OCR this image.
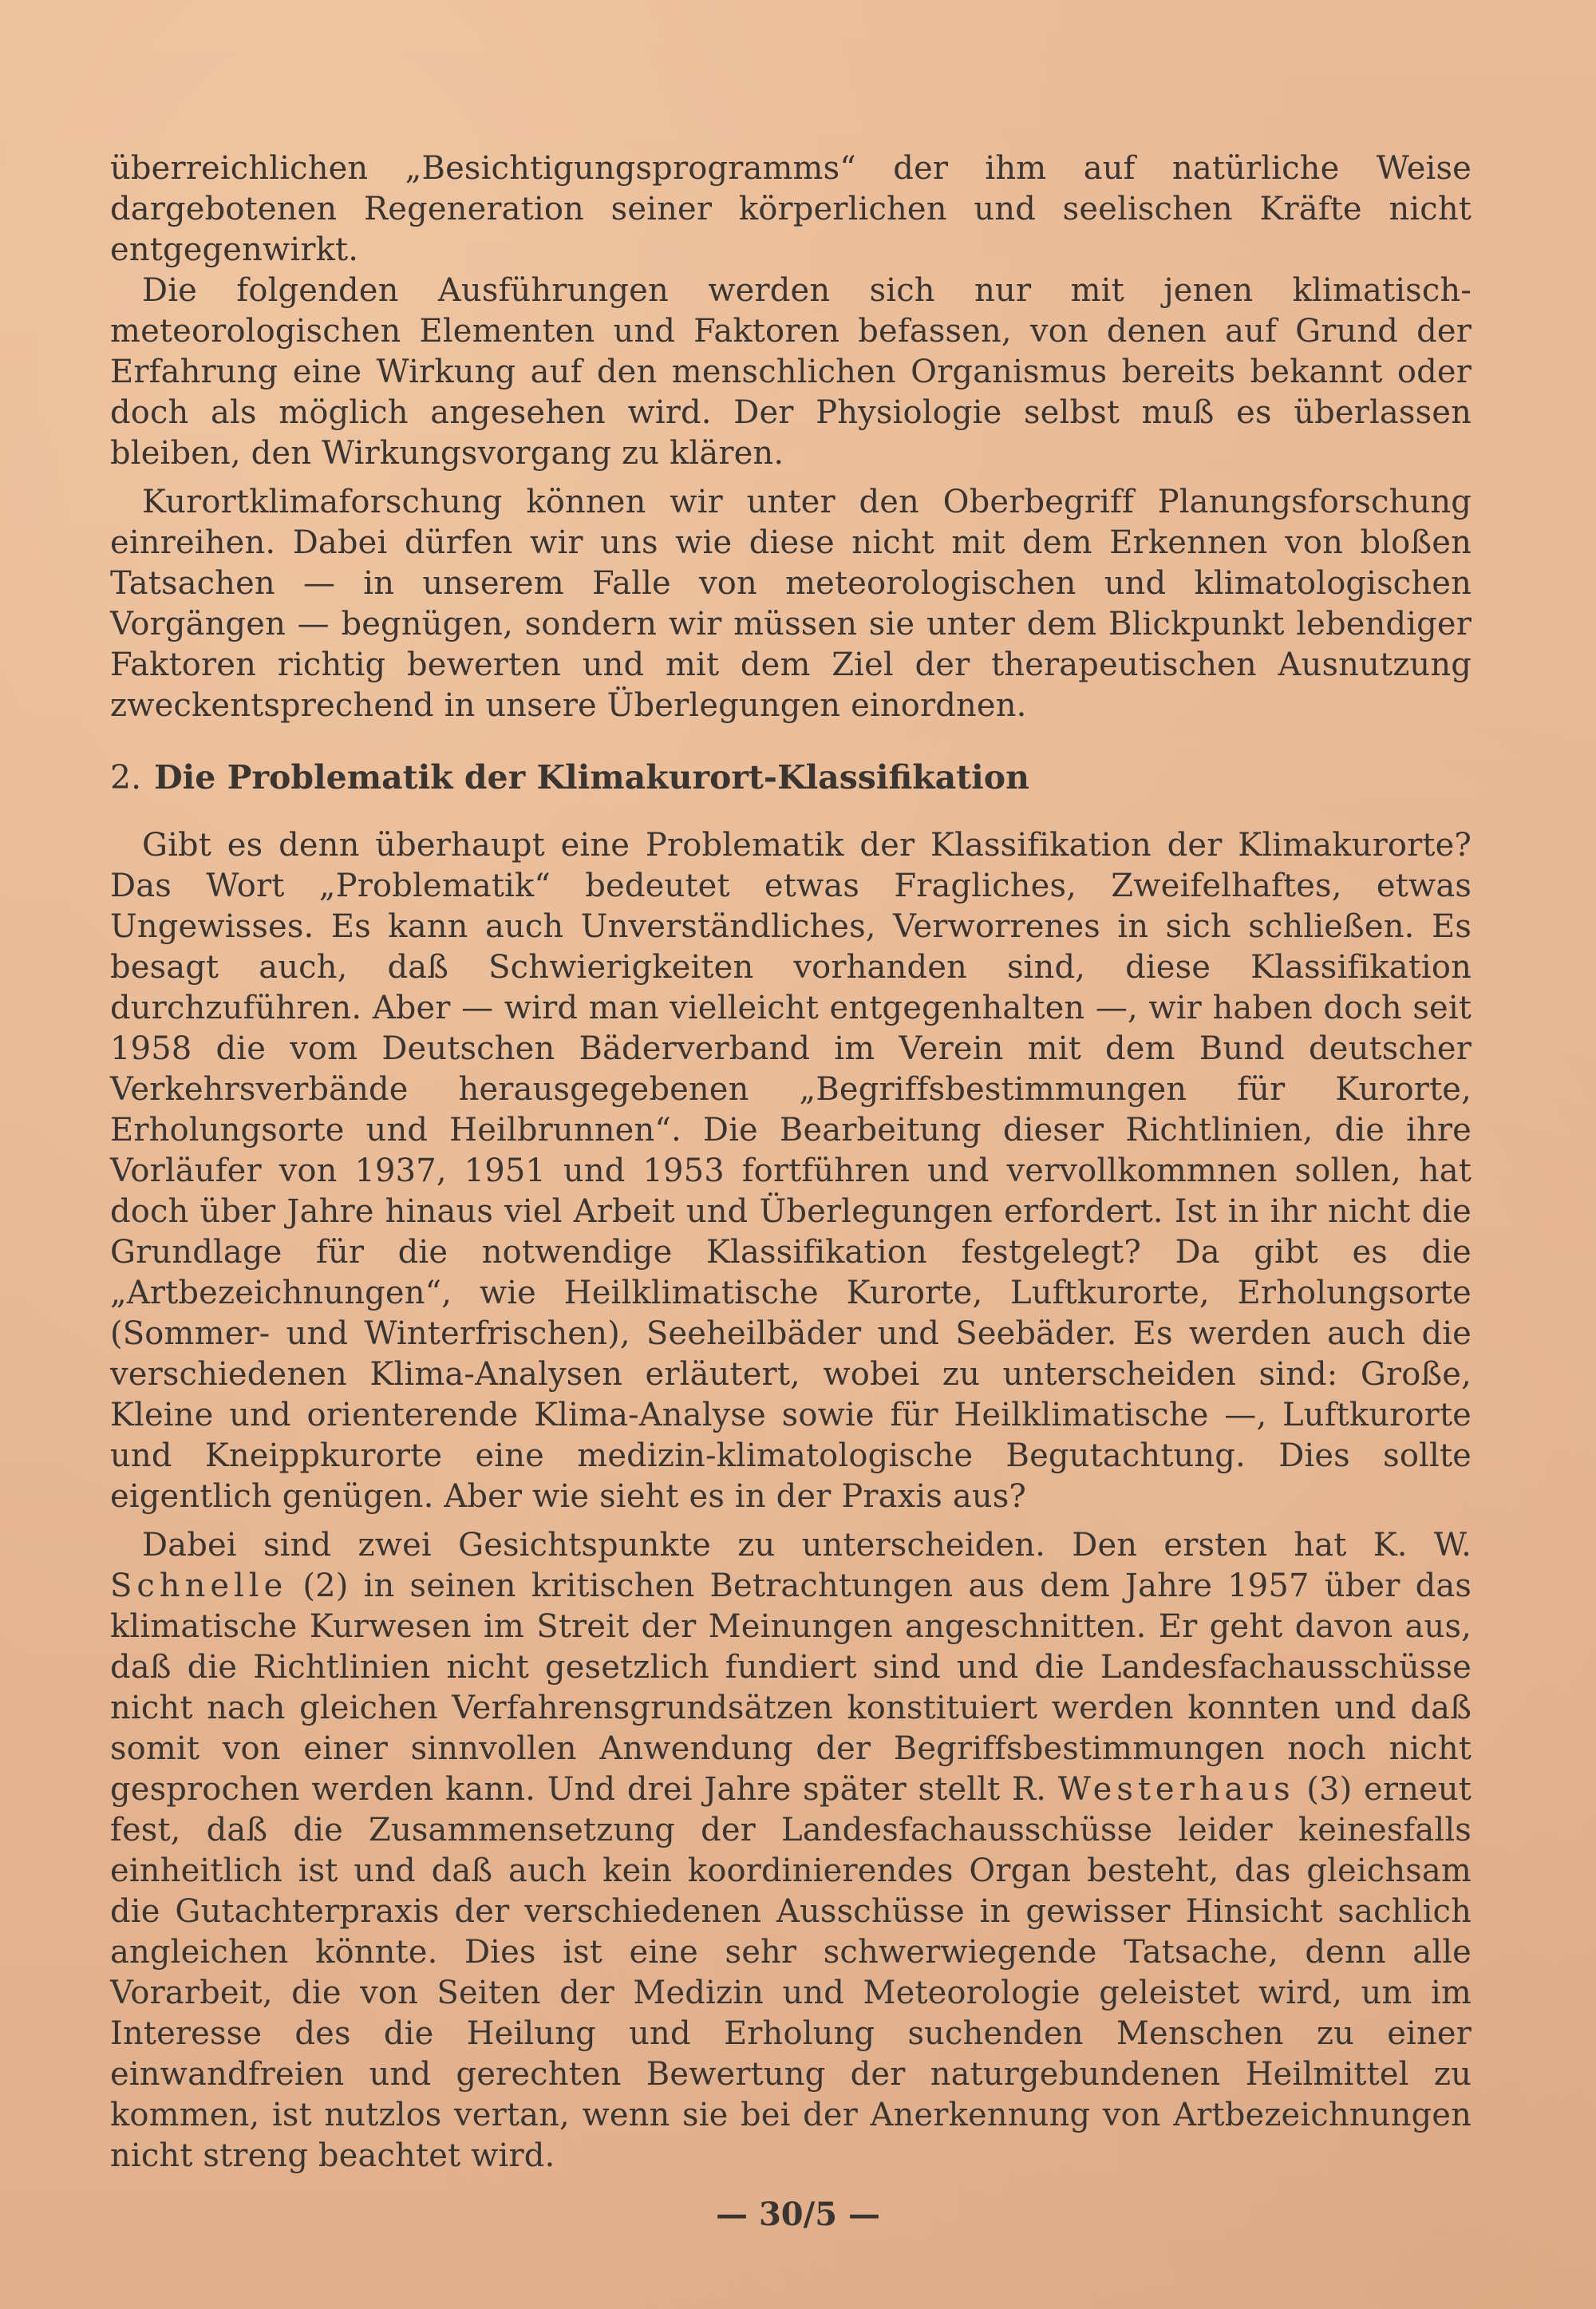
überreichlichen „Besichtigungsprogramms“ der ihm auf natürliche Weise dargebotenen Regeneration seiner körperlichen und seelischen Kräfte nicht entgegenwirkt.

Die folgenden Ausführungen werden sich nur mit jenen klimatisch-meteorologischen Elementen und Faktoren befassen, von denen auf Grund der Erfahrung eine Wirkung auf den menschlichen Organismus bereits bekannt oder doch als möglich angesehen wird. Der Physiologie selbst muß es überlassen bleiben, den Wirkungsvorgang zu klären.

Kurortklimaforschung können wir unter den Oberbegriff Planungsforschung einreihen. Dabei dürfen wir uns wie diese nicht mit dem Erkennen von bloßen Tatsachen — in unserem Falle von meteorologischen und klimatologischen Vorgängen — begnügen, sondern wir müssen sie unter dem Blickpunkt lebendiger Faktoren richtig bewerten und mit dem Ziel der therapeutischen Ausnutzung zweckentsprechend in unsere Überlegungen einordnen.

2. Die Problematik der Klimakurort-Klassifikation

Gibt es denn überhaupt eine Problematik der Klassifikation der Klimakurorte? Das Wort „Problematik“ bedeutet etwas Fragliches, Zweifelhaftes, etwas Ungewisses. Es kann auch Unverständliches, Verworrenes in sich schließen. Es besagt auch, daß Schwierigkeiten vorhanden sind, diese Klassifikation durchzuführen. Aber — wird man vielleicht entgegenhalten —, wir haben doch seit 1958 die vom Deutschen Bäderverband im Verein mit dem Bund deutscher Verkehrsverbände herausgegebenen „Begriffsbestimmungen für Kurorte, Erholungsorte und Heilbrunnen“. Die Bearbeitung dieser Richtlinien, die ihre Vorläufer von 1937, 1951 und 1953 fortführen und vervollkommnen sollen, hat doch über Jahre hinaus viel Arbeit und Überlegungen erfordert. Ist in ihr nicht die Grundlage für die notwendige Klassifikation festgelegt? Da gibt es die „Artbezeichnungen“, wie Heilklimatische Kurorte, Luftkurorte, Erholungsorte (Sommer- und Winterfrischen), Seeheilbäder und Seebäder. Es werden auch die verschiedenen Klima-Analysen erläutert, wobei zu unterscheiden sind: Große, Kleine und orienterende Klima-Analyse sowie für Heilklimatische —, Luftkurorte und Kneippkurorte eine medizin-klimatologische Begutachtung. Dies sollte eigentlich genügen. Aber wie sieht es in der Praxis aus?

Dabei sind zwei Gesichtspunkte zu unterscheiden. Den ersten hat K. W. Schnelle (2) in seinen kritischen Betrachtungen aus dem Jahre 1957 über das klimatische Kurwesen im Streit der Meinungen angeschnitten. Er geht davon aus, daß die Richtlinien nicht gesetzlich fundiert sind und die Landesfachausschüsse nicht nach gleichen Verfahrensgrundsätzen konstituiert werden konnten und daß somit von einer sinnvollen Anwendung der Begriffsbestimmungen noch nicht gesprochen werden kann. Und drei Jahre später stellt R. Westerhaus (3) erneut fest, daß die Zusammensetzung der Landesfachausschüsse leider keinesfalls einheitlich ist und daß auch kein koordinierendes Organ besteht, das gleichsam die Gutachterpraxis der verschiedenen Ausschüsse in gewisser Hinsicht sachlich angleichen könnte. Dies ist eine sehr schwerwiegende Tatsache, denn alle Vorarbeit, die von Seiten der Medizin und Meteorologie geleistet wird, um im Interesse des die Heilung und Erholung suchenden Menschen zu einer einwandfreien und gerechten Bewertung der naturgebundenen Heilmittel zu kommen, ist nutzlos vertan, wenn sie bei der Anerkennung von Artbezeichnungen nicht streng beachtet wird.

— 30/5 —
